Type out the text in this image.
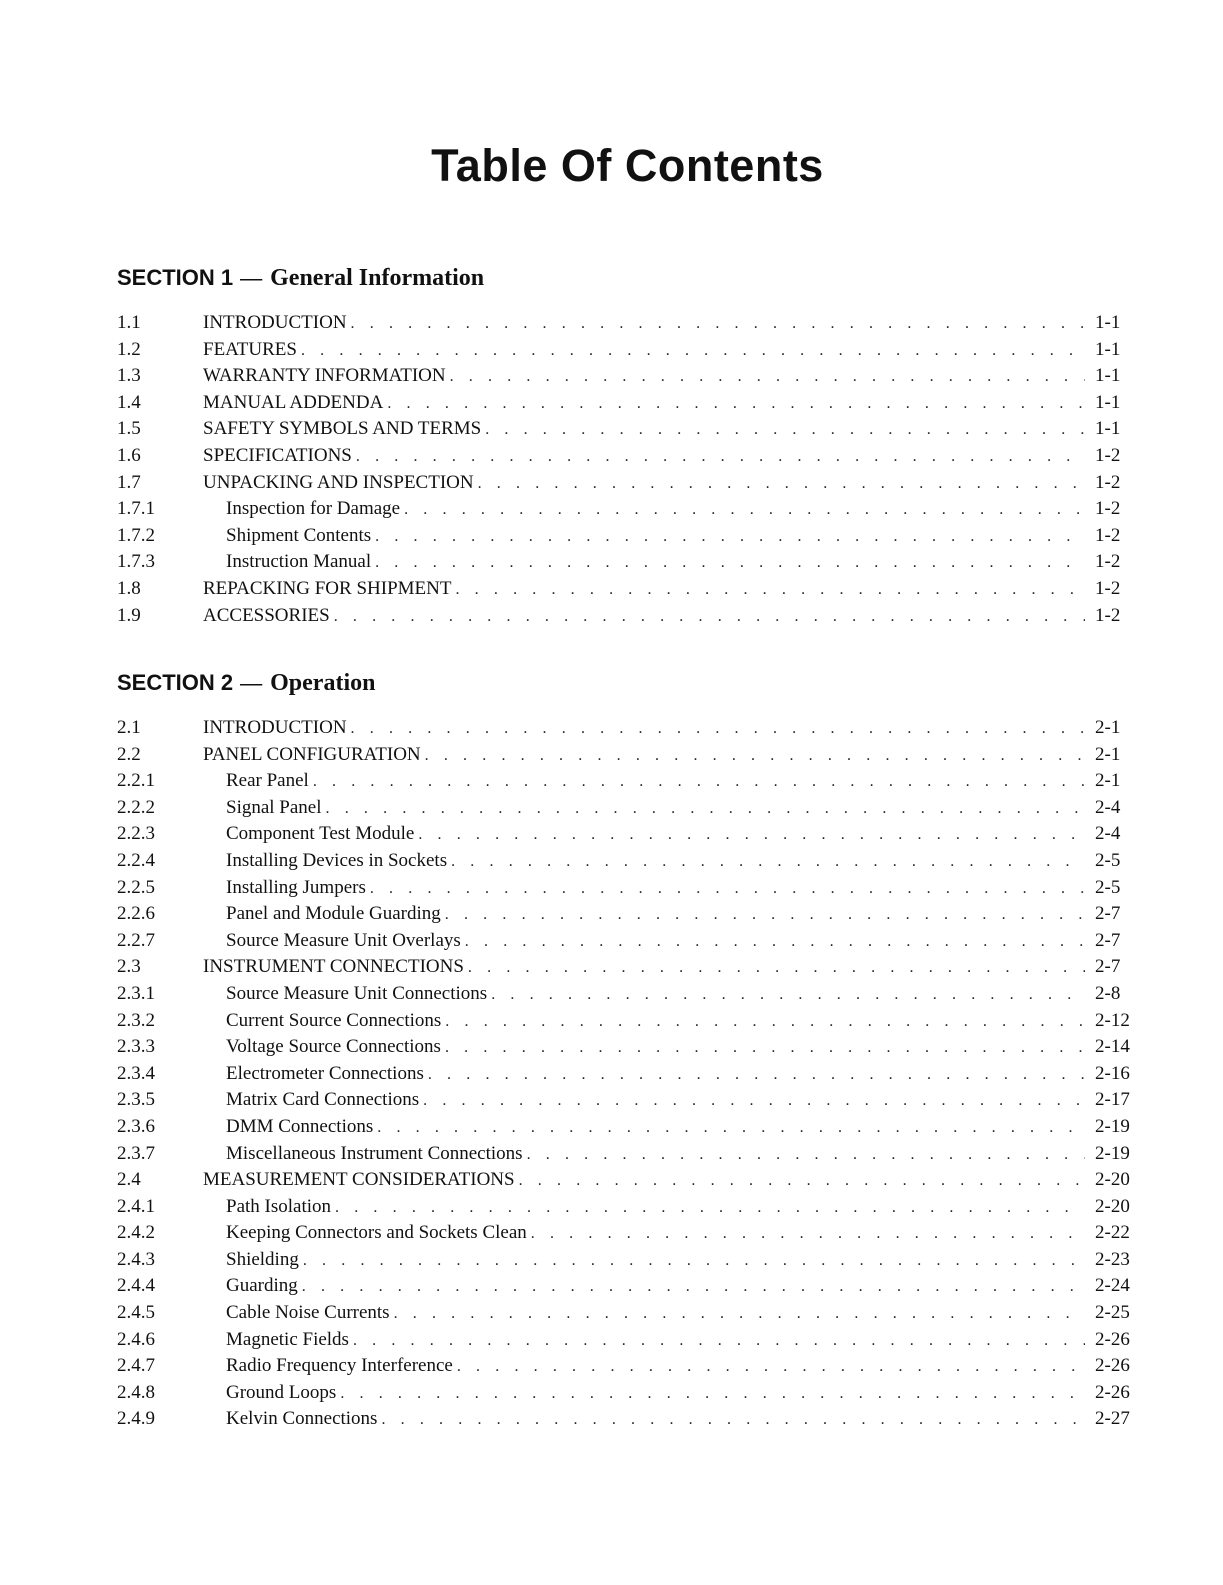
Table Of Contents
SECTION 1 — General Information
1.1	INTRODUCTION . . .	1-1
1.2	FEATURES . . .	1-1
1.3	WARRANTY INFORMATION . . .	1-1
1.4	MANUAL ADDENDA . . .	1-1
1.5	SAFETY SYMBOLS AND TERMS . . .	1-1
1.6	SPECIFICATIONS . . .	1-2
1.7	UNPACKING AND INSPECTION . . .	1-2
1.7.1	Inspection for Damage . . .	1-2
1.7.2	Shipment Contents . . .	1-2
1.7.3	Instruction Manual . . .	1-2
1.8	REPACKING FOR SHIPMENT . . .	1-2
1.9	ACCESSORIES . . .	1-2
SECTION 2 — Operation
2.1	INTRODUCTION . . .	2-1
2.2	PANEL CONFIGURATION . . .	2-1
2.2.1	Rear Panel . . .	2-1
2.2.2	Signal Panel . . .	2-4
2.2.3	Component Test Module . . .	2-4
2.2.4	Installing Devices in Sockets . . .	2-5
2.2.5	Installing Jumpers . . .	2-5
2.2.6	Panel and Module Guarding . . .	2-7
2.2.7	Source Measure Unit Overlays . . .	2-7
2.3	INSTRUMENT CONNECTIONS . . .	2-7
2.3.1	Source Measure Unit Connections . . .	2-8
2.3.2	Current Source Connections . . .	2-12
2.3.3	Voltage Source Connections . . .	2-14
2.3.4	Electrometer Connections . . .	2-16
2.3.5	Matrix Card Connections . . .	2-17
2.3.6	DMM Connections . . .	2-19
2.3.7	Miscellaneous Instrument Connections . . .	2-19
2.4	MEASUREMENT CONSIDERATIONS . . .	2-20
2.4.1	Path Isolation . . .	2-20
2.4.2	Keeping Connectors and Sockets Clean . . .	2-22
2.4.3	Shielding . . .	2-23
2.4.4	Guarding . . .	2-24
2.4.5	Cable Noise Currents . . .	2-25
2.4.6	Magnetic Fields . . .	2-26
2.4.7	Radio Frequency Interference . . .	2-26
2.4.8	Ground Loops . . .	2-26
2.4.9	Kelvin Connections . . .	2-27
